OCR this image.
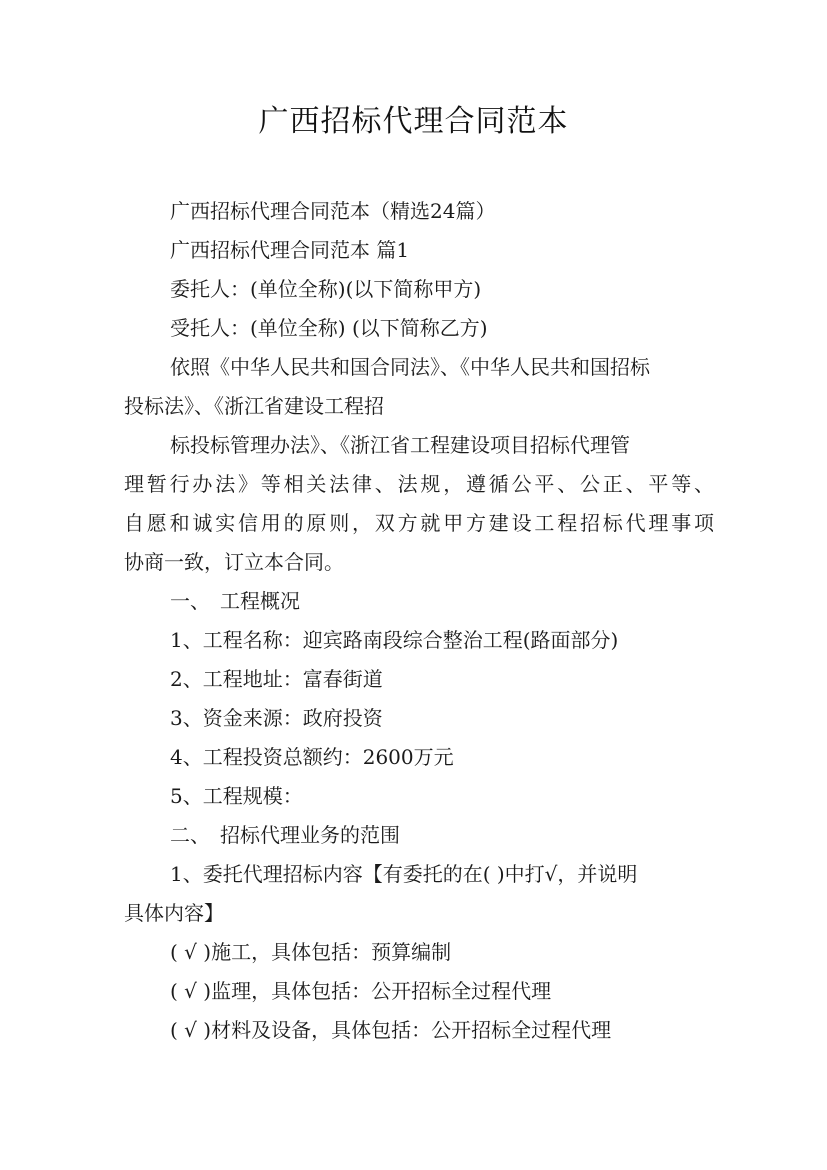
广西招标代理合同范本
广西招标代理合同范本（精选24篇）
广西招标代理合同范本 篇1
委托人：(单位全称)(以下简称甲方)
受托人：(单位全称) (以下简称乙方)
依照《中华人民共和国合同法》、《中华人民共和国招标
投标法》、《浙江省建设工程招
标投标管理办法》、《浙江省工程建设项目招标代理管
理暂行办法》等相关法律、法规，遵循公平、公正、平等、
自愿和诚实信用的原则，双方就甲方建设工程招标代理事项
协商一致，订立本合同。
一、　工程概况
1、工程名称：迎宾路南段综合整治工程(路面部分)
2、工程地址：富春街道
3、资金来源：政府投资
4、工程投资总额约：2600万元
5、工程规模：
二、　招标代理业务的范围
1、委托代理招标内容【有委托的在( )中打√，并说明
具体内容】
( √ )施工，具体包括：预算编制
( √ )监理，具体包括：公开招标全过程代理
( √ )材料及设备，具体包括：公开招标全过程代理
